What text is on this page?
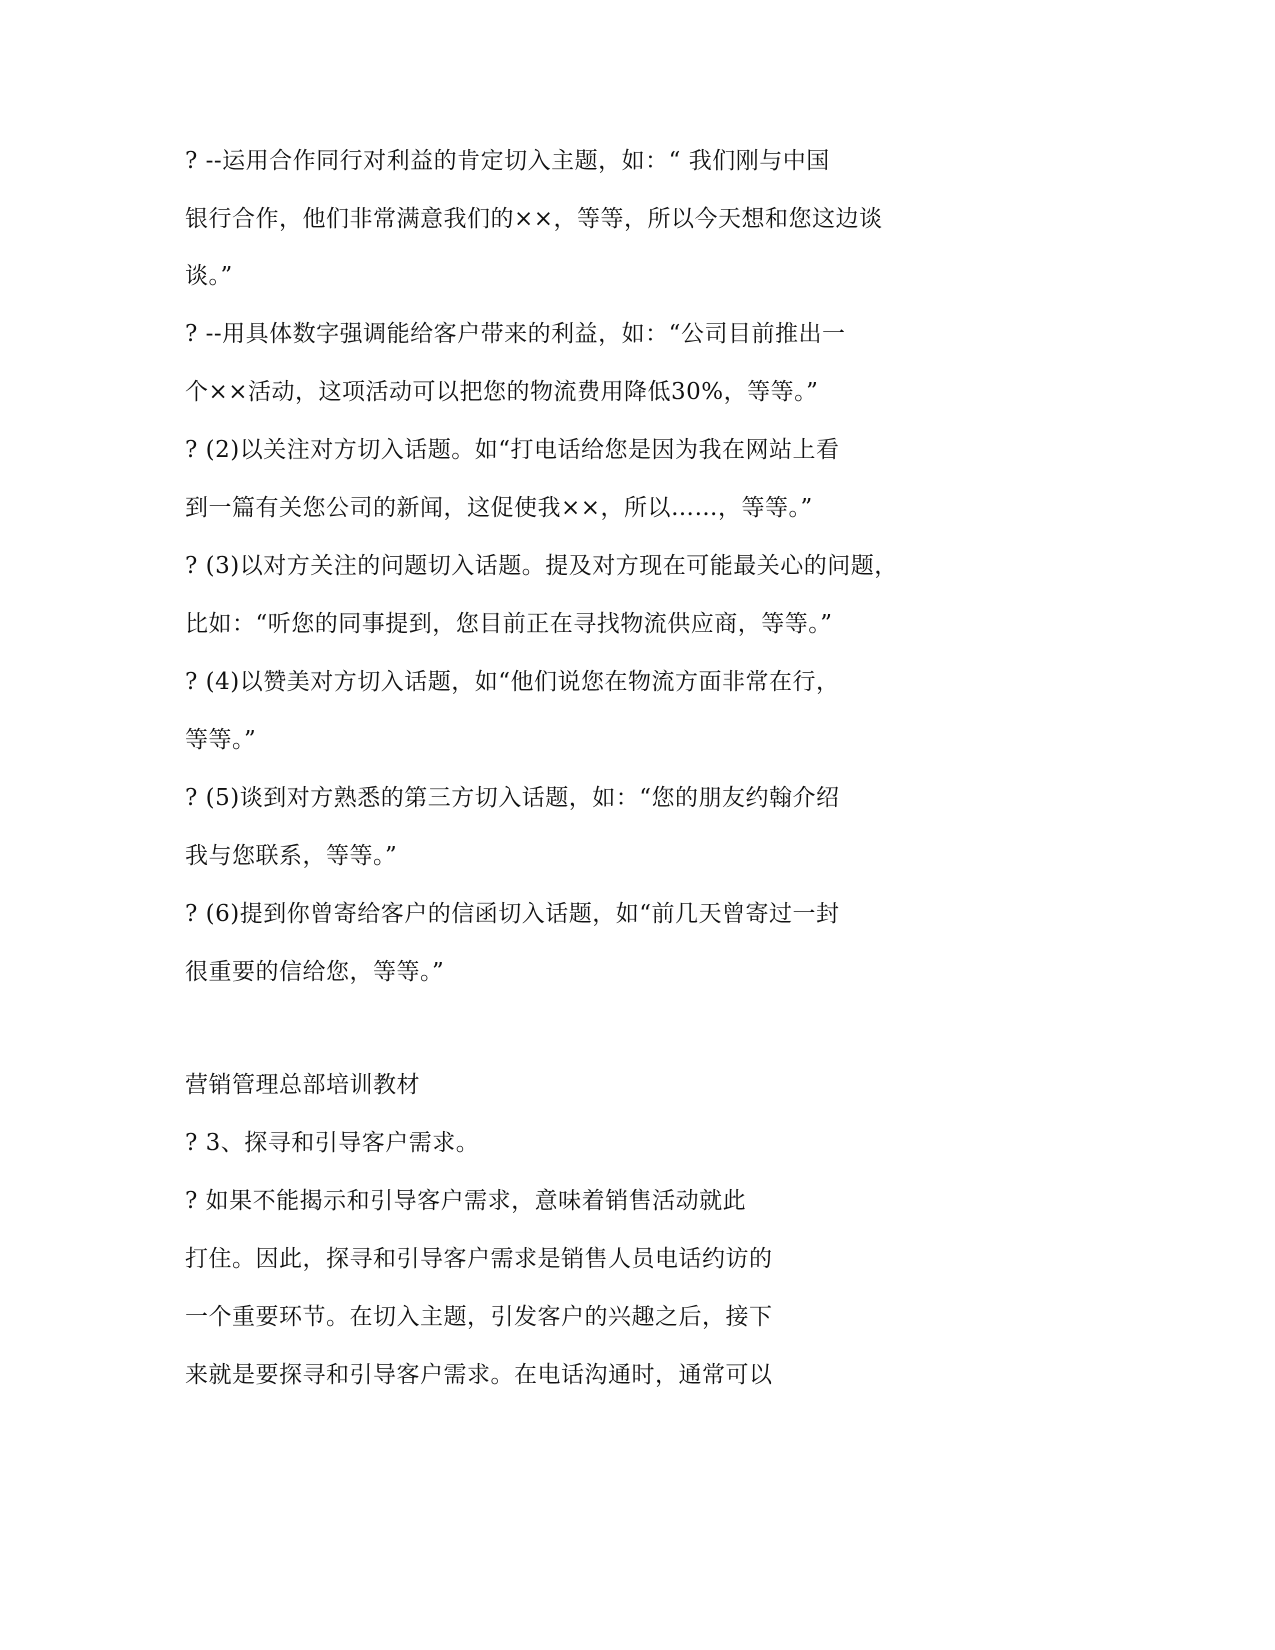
? --运用合作同行对利益的肯定切入主题，如：“ 我们刚与中国
银行合作，他们非常满意我们的××，等等，所以今天想和您这边谈
谈。”
? --用具体数字强调能给客户带来的利益，如：“公司目前推出一
个××活动，这项活动可以把您的物流费用降低30%，等等。”
? (2)以关注对方切入话题。如“打电话给您是因为我在网站上看
到一篇有关您公司的新闻，这促使我××，所以……，等等。”
? (3)以对方关注的问题切入话题。提及对方现在可能最关心的问题，
比如：“听您的同事提到，您目前正在寻找物流供应商，等等。”
? (4)以赞美对方切入话题，如“他们说您在物流方面非常在行，
等等。”
? (5)谈到对方熟悉的第三方切入话题，如：“您的朋友约翰介绍
我与您联系，等等。”
? (6)提到你曾寄给客户的信函切入话题，如“前几天曾寄过一封
很重要的信给您，等等。”
营销管理总部培训教材
? 3、探寻和引导客户需求。
? 如果不能揭示和引导客户需求，意味着销售活动就此
打住。因此，探寻和引导客户需求是销售人员电话约访的
一个重要环节。在切入主题，引发客户的兴趣之后，接下
来就是要探寻和引导客户需求。在电话沟通时，通常可以
